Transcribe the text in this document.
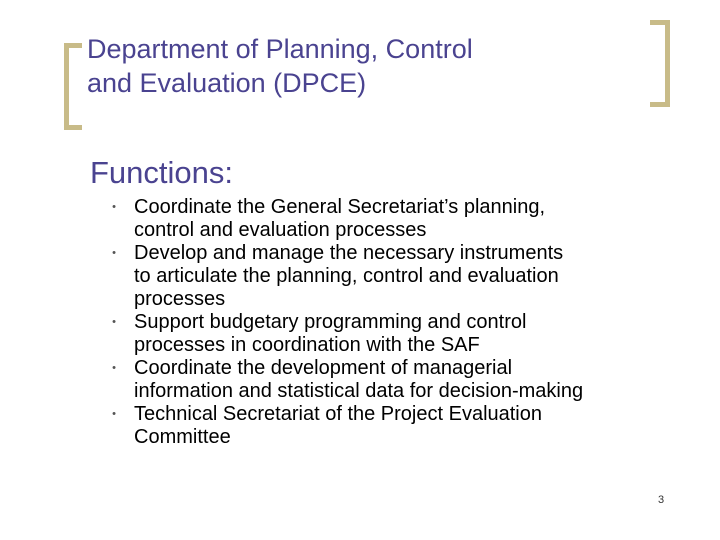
Department of Planning, Control
and Evaluation (DPCE)
Functions:
• Coordinate the General Secretariat’s planning,
control and evaluation processes
• Develop and manage the necessary instruments
to articulate the planning, control and evaluation
processes
• Support budgetary programming and control
processes in coordination with the SAF
• Coordinate the development of managerial
information and statistical data for decision-making
• Technical Secretariat of the Project Evaluation
Committee
3
